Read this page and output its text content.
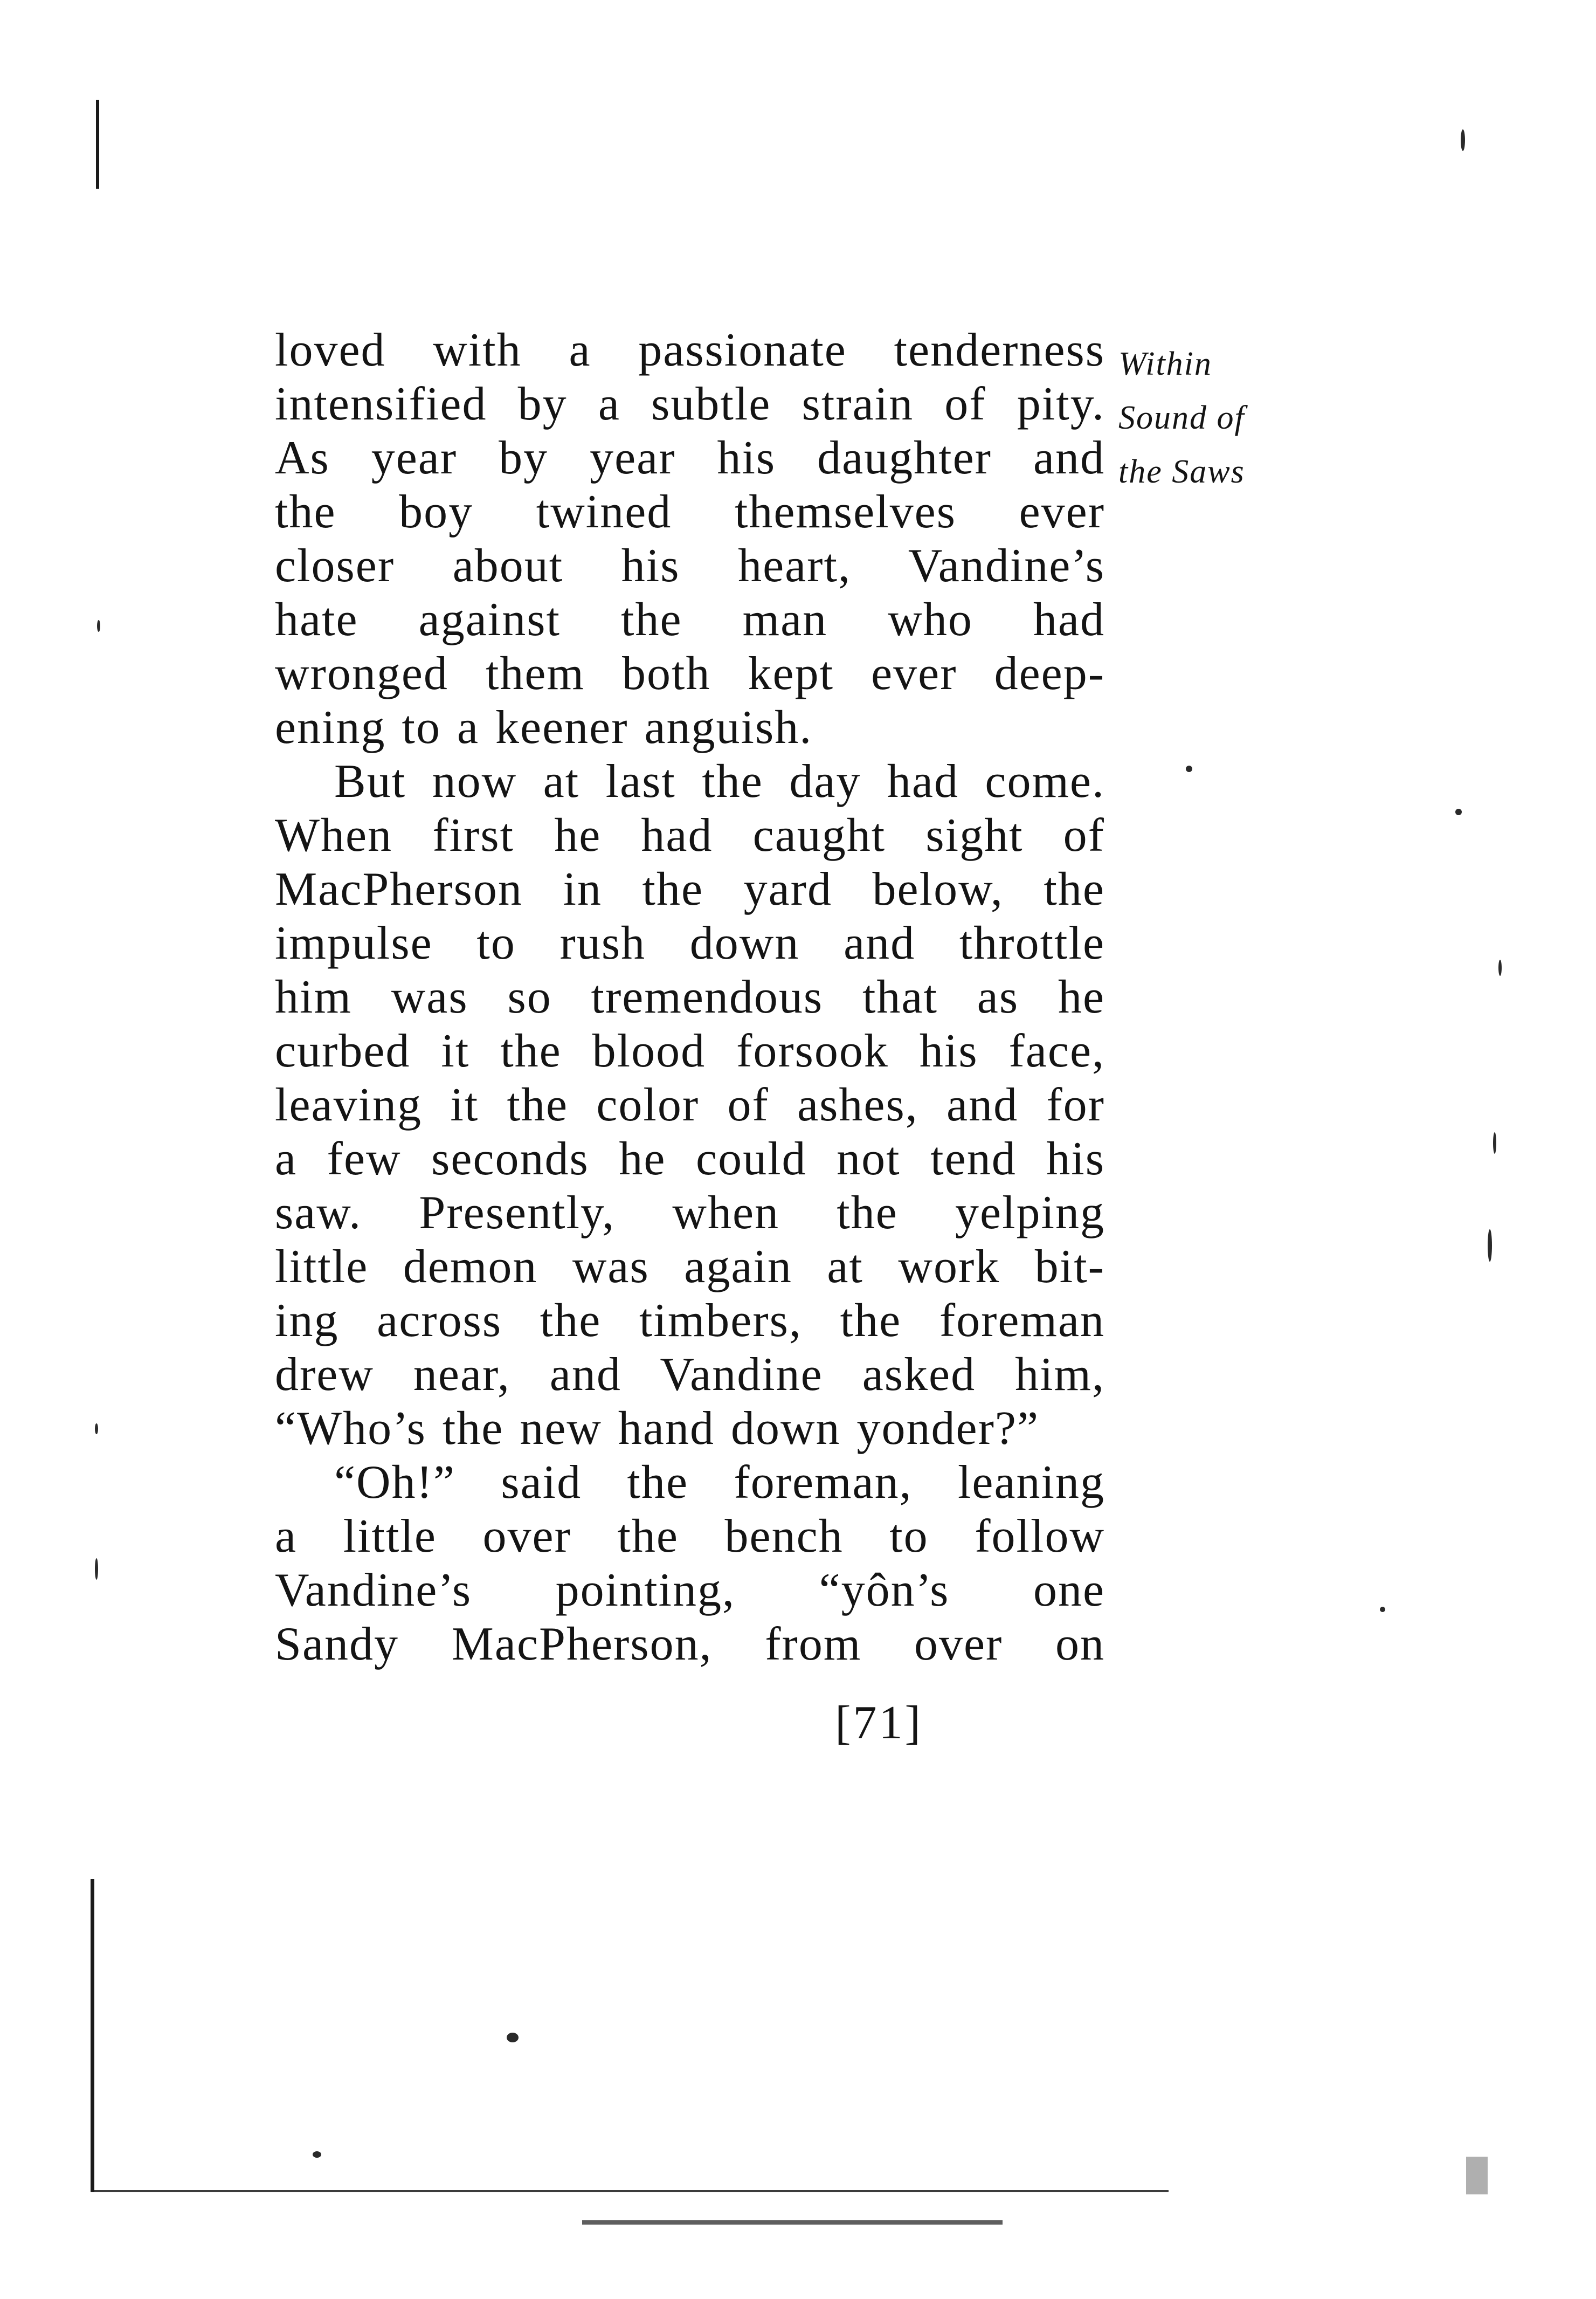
Within
Sound of
the Saws
loved with a passionate tenderness
intensified by a subtle strain of pity.
As year by year his daughter and
the boy twined themselves ever
closer about his heart, Vandine’s
hate against the man who had
wronged them both kept ever deep-
ening to a keener anguish.
But now at last the day had come.
When first he had caught sight of
MacPherson in the yard below, the
impulse to rush down and throttle
him was so tremendous that as he
curbed it the blood forsook his face,
leaving it the color of ashes, and for
a few seconds he could not tend his
saw. Presently, when the yelping
little demon was again at work bit-
ing across the timbers, the foreman
drew near, and Vandine asked him,
“Who’s the new hand down yonder?”
“Oh!” said the foreman, leaning
a little over the bench to follow
Vandine’s pointing, “yôn’s one
Sandy MacPherson, from over on
[71]
